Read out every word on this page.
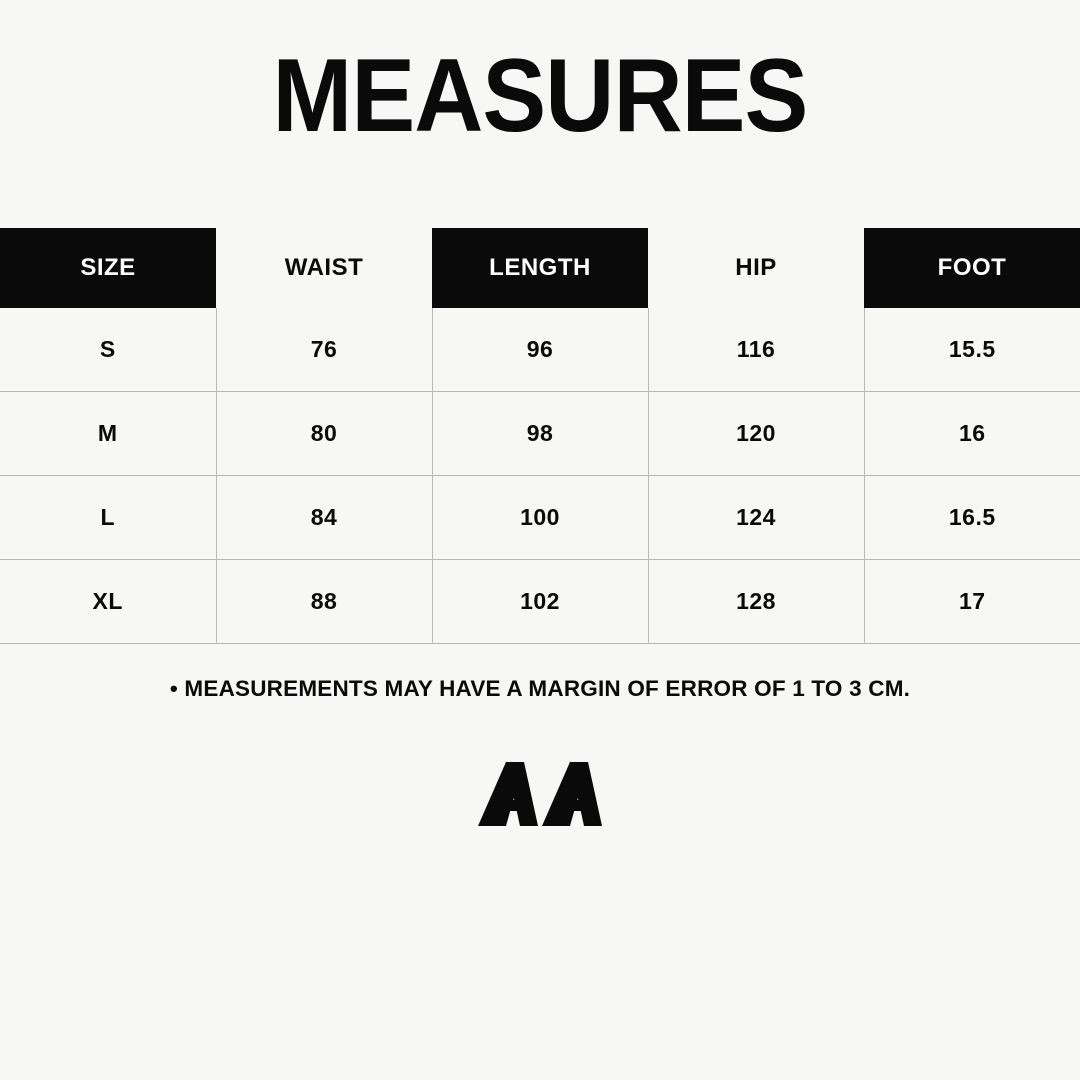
MEASURES
SIZE	WAIST	LENGTH	HIP	FOOT
S	76	96	116	15.5
M	80	98	120	16
L	84	100	124	16.5
XL	88	102	128	17
• MEASUREMENTS MAY HAVE A MARGIN OF ERROR OF 1 TO 3 CM.
